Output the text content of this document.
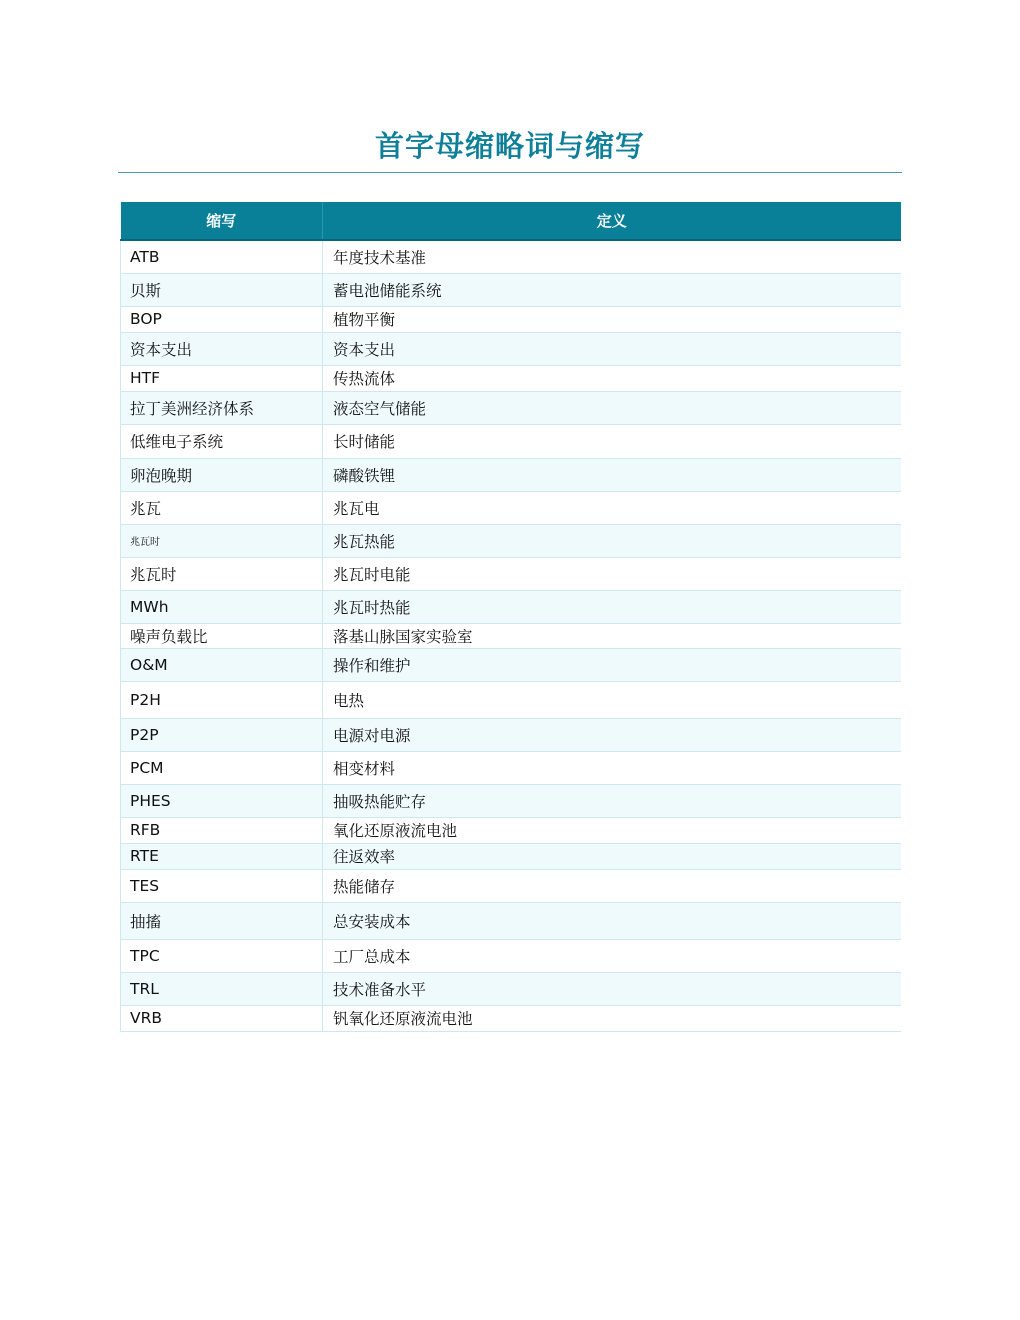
首字母缩略词与缩写
缩写	定义
ATB	年度技术基准
贝斯	蓄电池储能系统
BOP	植物平衡
资本支出	资本支出
HTF	传热流体
拉丁美洲经济体系	液态空气储能
低维电子系统	长时储能
卵泡晚期	磷酸铁锂
兆瓦	兆瓦电
兆瓦时	兆瓦热能
兆瓦时	兆瓦时电能
MWh	兆瓦时热能
噪声负载比	落基山脉国家实验室
O&M	操作和维护
P2H	电热
P2P	电源对电源
PCM	相变材料
PHES	抽吸热能贮存
RFB	氧化还原液流电池
RTE	往返效率
TES	热能储存
抽搐	总安装成本
TPC	工厂总成本
TRL	技术准备水平
VRB	钒氧化还原液流电池
